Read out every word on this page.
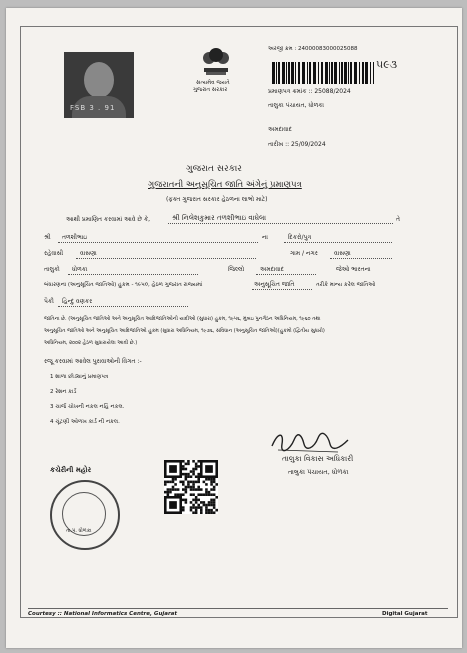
FSB 3 . 91
સત્યમેવ જયતે
ગુજરાત સરકાર
અરજી ક્રમ : 24000083000025088
૫૯૩
પ્રમાણપત્ર ક્રમાંક :: 25088/2024
તાલુકા પંચાયત, ધોળકા
અમદાવાદ
તારીખ :: 25/09/2024
ગુજરાત સરકાર
ગુજરાતની અનુસૂચિત જાતિ અંગેનું પ્રમાણપત્ર
(ફક્ત ગુજરાત સરકાર હેઠળના લાભો માટે)
આથી પ્રમાણિત કરવામાં આવે છે કે,	શ્રી નિલેશકુમાર તળશીભાઇ વાઘેલા	તે
શ્રી તળશીભાઇ	ના	દિકરો/પુત્ર
રહેવાસી	વાસણા	ગામ / નગર	વાસણા
તાલુકો ધોળકા	જિલ્લો	અમદાવાદ	જેઓ ભારતના
બંધારણના (અનુસૂચિત જાતિઓ) હુકમ - ૧૯૫૦, હેઠળ ગુજરાત રાજ્યમાં	અનુસૂચિત જાતિ	તરીકે માન્ય કરેલ જાતિઓ
પૈકી હિન્દુ વણકર
જાતિના છે. (અનુસૂચિત જાતિઓ અને અનુસૂચિત આદિજાતિઓની યાદીઓ (સુધારા) હુકમ, ૧૯૫૬, મુંબઇ પુનર્ગઠન અધિનિયમ, ૧૯૬૦ તથા
અનુસૂચિત જાતિઓ અને અનુસૂચિત આદિજાતિઓ હુકમ (સુધારા અધિનિયમ, ૧૯૭૬, સંવિધાન (અનુસૂચિત જાતિઓ)(હુકમો (દ્વિતીય સુધારો)
અધિનિયમ, ૨૦૦૨ હેઠળ સુધારાયેલા આવી છે.)
રજૂ કરવામાં આવેલ પુરાવાઓની વિગત :-
1 શાળા છોડ્યાનું પ્રમાણપત્ર
2 રેશન કાર્ડ
3 ચાર્જ ચોખની નકલ નહિં નકલ.
4 ચૂંટણી ઓળખ કાર્ડ ની નકલ.
કચેરીની મહોર
તા.પં. ધોળકા
તાલુકા વિકાસ અધિકારી
તાલુકા પંચાયત, ધોળકા
Courtesy :: National Informatics Centre, Gujarat	Digital Gujarat
